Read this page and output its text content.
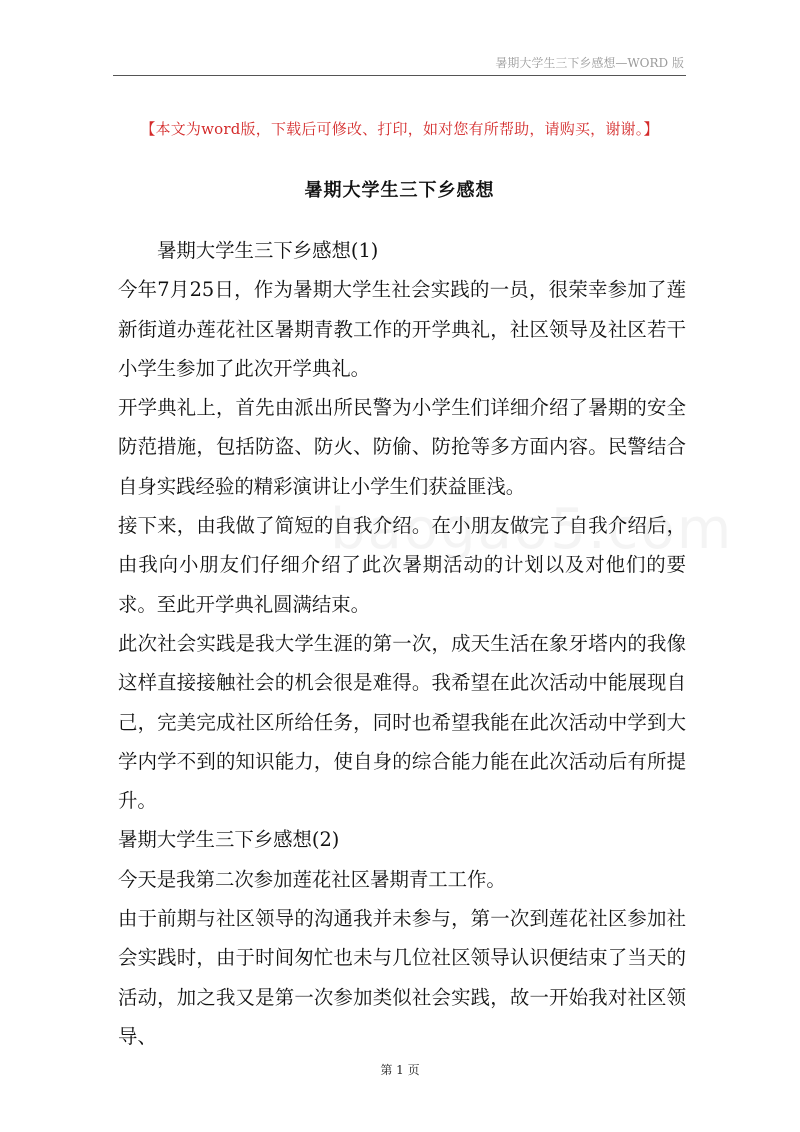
暑期大学生三下乡感想—WORD 版
【本文为word版，下载后可修改、打印，如对您有所帮助，请购买，谢谢。】
暑期大学生三下乡感想

暑期大学生三下乡感想(1)

今年7月25日，作为暑期大学生社会实践的一员，很荣幸参加了莲新街道办莲花社区暑期青教工作的开学典礼，社区领导及社区若干小学生参加了此次开学典礼。

开学典礼上，首先由派出所民警为小学生们详细介绍了暑期的安全防范措施，包括防盗、防火、防偷、防抢等多方面内容。民警结合自身实践经验的精彩演讲让小学生们获益匪浅。

接下来，由我做了简短的自我介绍。在小朋友做完了自我介绍后，由我向小朋友们仔细介绍了此次暑期活动的计划以及对他们的要求。至此开学典礼圆满结束。

此次社会实践是我大学生涯的第一次，成天生活在象牙塔内的我像这样直接接触社会的机会很是难得。我希望在此次活动中能展现自己，完美完成社区所给任务，同时也希望我能在此次活动中学到大学内学不到的知识能力，使自身的综合能力能在此次活动后有所提升。

暑期大学生三下乡感想(2)

今天是我第二次参加莲花社区暑期青工工作。

由于前期与社区领导的沟通我并未参与，第一次到莲花社区参加社会实践时，由于时间匆忙也未与几位社区领导认识便结束了当天的活动，加之我又是第一次参加类似社会实践，故一开始我对社区领导、

第 1 页
